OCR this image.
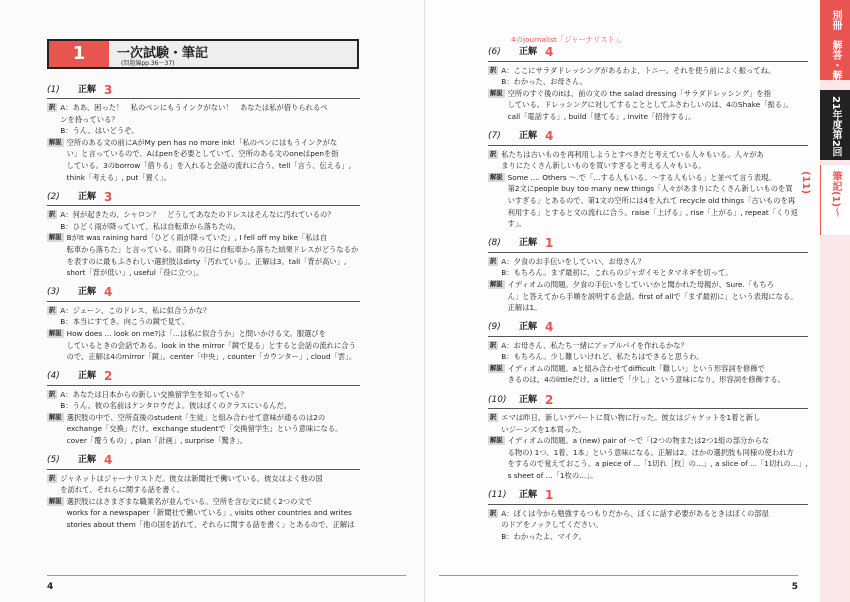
1	一次試験・筆記
(問題編pp.36〜37)
(1)	正解 3
訳 A：ああ、困った！　私のペンにもうインクがない！　あなたは私が借りられるペ
ンを持っている？
B：うん、はいどうぞ。
解説 空所のある文の前にAがMy pen has no more ink!「私のペンにはもうインクがな
い」と言っているので、Aはpenを必要としていて、空所のある文のoneはpenを指
している。3のborrow「借りる」を入れると会話の流れに合う。tell「言う、伝える」,
think「考える」, put「置く」。
(2)	正解 3
訳 A：何が起きたの、シャロン？　どうしてあなたのドレスはそんなに汚れているの？
B：ひどく雨が降っていて、私は自転車から落ちたの。
解説 BがIt was raining hard「ひどく雨が降っていた」, I fell off my bike「私は自
転車から落ちた」と言っている。雨降りの日に自転車から落ちた結果ドレスがどうなるか
を表すのに最もふさわしい選択肢はdirty「汚れている」。正解は3。tall「背が高い」,
short「背が低い」, useful「役に立つ」。
(3)	正解 4
訳 A：ジェーン、このドレス、私に似合うかな？
B：本当にすてき。向こうの鏡で見て。
解説 How does ... look on me?は「…は私に似合うか」と問いかける文。服選びを
しているときの会話である。look in the mirror「鏡で見る」とすると会話の流れに合う
ので、正解は4のmirror「鏡」。center「中央」, counter「カウンター」, cloud「雲」。
(4)	正解 2
訳 A：あなたは日本からの新しい交換留学生を知っている？
B：うん。彼の名前はケンタロウだよ。彼はぼくのクラスにいるんだ。
解説 選択肢の中で、空所直後のstudent「生徒」と組み合わせて意味が通るのは2の
exchange「交換」だけ。exchange studentで「交換留学生」という意味になる。
cover「覆うもの」, plan「計画」, surprise「驚き」。
(5)	正解 4
訳 ジャネットはジャーナリストだ。彼女は新聞社で働いている。彼女はよく他の国
を訪れて、それらに関する話を書く。
解説 選択肢にはさまざまな職業名が並んでいる。空所を含む文に続く2つの文で
works for a newspaper「新聞社で働いている」, visits other countries and writes
stories about them「他の国を訪れて、それらに関する話を書く」とあるので、正解は
4
4のjournalist「ジャーナリスト」。
(6)	正解 4
訳 A：ここにサラダドレッシングがあるわよ、トニー。それを使う前によく振ってね。
B：わかった、お母さん。
解説 空所のすぐ後のitは、前の文の the salad dressing「サラダドレッシング」を指
している。ドレッシングに対してすることとしてふさわしいのは、4のShake「振る」。
call「電話する」, build「建てる」, invite「招待する」。
(7)	正解 4
訳 私たちは古いものを再利用しようとすべきだと考えている人々もいる。人々があ
まりにたくさん新しいものを買いすぎると考える人々もいる。
解説 Some .... Others 〜.で「…する人もいる。〜する人もいる」と並べて言う表現。
第2文にpeople buy too many new things「人々があまりにたくさん新しいものを買
いすぎる」とあるので、第1文の空所には4を入れて recycle old things「古いものを再
利用する」とすると文の流れに合う。raise「上げる」, rise「上がる」, repeat「くり返す」。
(8)	正解 1
訳 A：夕食のお手伝いをしていい、お母さん？
B：もちろん。まず最初に、これらのジャガイモとタマネギを切って。
解説 イディオムの問題。夕食の手伝いをしていいかと聞かれた母親が、Sure.「もちろ
ん」と答えてから手順を説明する会話。first of allで「まず最初に」という表現になる。
正解は1。
(9)	正解 4
訳 A：お母さん、私たち一緒にアップルパイを作れるかな？
B：もちろん。少し難しいけれど、私たちはできると思うわ。
解説 イディオムの問題。aと組み合わせてdifficult「難しい」という形容詞を修飾で
きるのは、4のlittleだけ。a littleで「少し」という意味になり、形容詞を修飾する。
(10)	正解 2
訳 エマは昨日、新しいデパートに買い物に行った。彼女はジャケットを1着と新し
いジーンズを1本買った。
解説 イディオムの問題。a (new) pair of 〜で「(2つの物または2つ1組の部分からな
る物の) 1つ、1着、1本」という意味になる。正解は2。ほかの選択肢も同様の使われ方
をするので覚えておこう。a piece of ...「1切れ［枚］の…」, a slice of ...「1切れの…」,
s sheet of ...「1枚の…」。
(11)	正解 1
訳 A：ぼくは今から勉強するつもりだから、ぼくに話す必要があるときはぼくの部屋
のドアをノックしてください。
B：わかったよ、マイク。
5
別冊　解答・解説
21年度第2回
筆記(1)〜(11)
